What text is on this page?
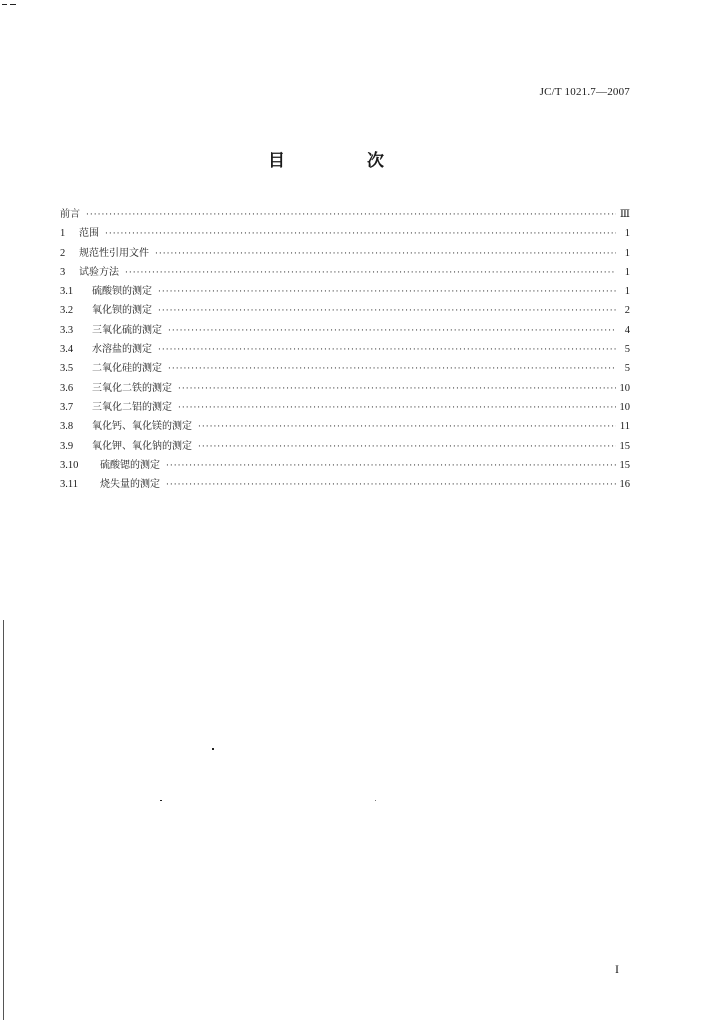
JC/T 1021.7—2007
目 次
前言 ·····	Ⅲ
1	范围 ·····	1
2	规范性引用文件 ·····	1
3	试验方法 ·····	1
3.1	硫酸钡的测定 ·····	1
3.2	氧化钡的测定 ·····	2
3.3	三氧化硫的测定 ·····	4
3.4	水溶盐的测定 ·····	5
3.5	二氧化硅的测定 ·····	5
3.6	三氧化二铁的测定 ·····	10
3.7	三氧化二铝的测定 ·····	10
3.8	氧化钙、氧化镁的测定 ·····	11
3.9	氧化钾、氧化钠的测定 ·····	15
3.10	硫酸锶的测定 ·····	15
3.11	烧失量的测定 ·····	16
I
